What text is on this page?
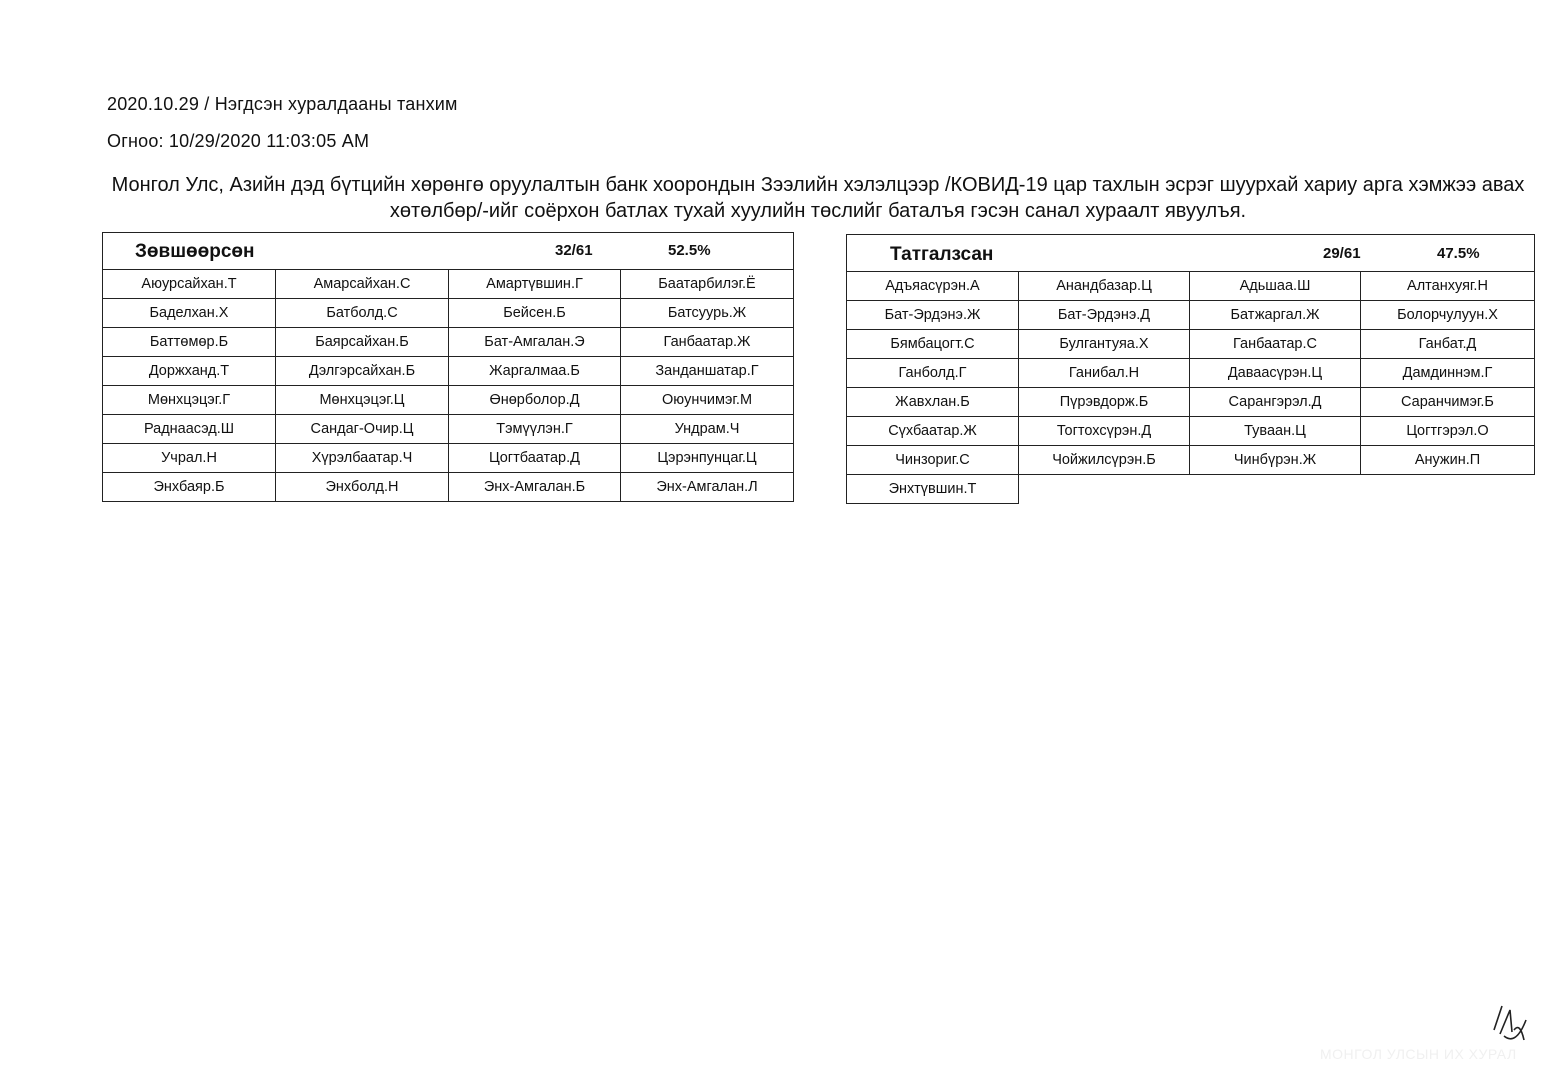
2020.10.29 / Нэгдсэн хуралдааны танхим
Огноо: 10/29/2020 11:03:05 AM
Монгол Улс, Азийн дэд бүтцийн хөрөнгө оруулалтын банк хоорондын Зээлийн хэлэлцээр /КОВИД-19 цар тахлын эсрэг шуурхай хариу арга хэмжээ авах хөтөлбөр/-ийг соёрхон батлах тухай хуулийн төслийг баталъя гэсэн санал хураалт явуулъя.
Зөвшөөрсөн 32/61 52.5%			

Аюурсайхан.Т	Амарсайхан.С	Амартүвшин.Г	Баатарбилэг.Ё
Баделхан.Х	Батболд.С	Бейсен.Б	Батсуурь.Ж
Баттөмөр.Б	Баярсайхан.Б	Бат-Амгалан.Э	Ганбаатар.Ж
Доржханд.Т	Дэлгэрсайхан.Б	Жаргалмаа.Б	Занданшатар.Г
Мөнхцэцэг.Г	Мөнхцэцэг.Ц	Өнөрболор.Д	Оюунчимэг.М
Раднаасэд.Ш	Сандаг-Очир.Ц	Тэмүүлэн.Г	Ундрам.Ч
Учрал.Н	Хүрэлбаатар.Ч	Цогтбаатар.Д	Цэрэнпунцаг.Ц
Энхбаяр.Б	Энхболд.Н	Энх-Амгалан.Б	Энх-Амгалан.Л
Татгалзсан 29/61 47.5%			

Адъяасүрэн.А	Анандбазар.Ц	Адьшаа.Ш	Алтанхуяг.Н
Бат-Эрдэнэ.Ж	Бат-Эрдэнэ.Д	Батжаргал.Ж	Болорчулуун.Х
Бямбацогт.С	Булгантуяа.Х	Ганбаатар.С	Ганбат.Д
Ганболд.Г	Ганибал.Н	Даваасүрэн.Ц	Дамдиннэм.Г
Жавхлан.Б	Пүрэвдорж.Б	Сарангэрэл.Д	Саранчимэг.Б
Сүхбаатар.Ж	Тогтохсүрэн.Д	Туваан.Ц	Цогтгэрэл.О
Чинзориг.С	Чойжилсүрэн.Б	Чинбүрэн.Ж	Анужин.П
Энхтүвшин.Т			
МОНГОЛ УЛСЫН ИХ ХУРАЛ
